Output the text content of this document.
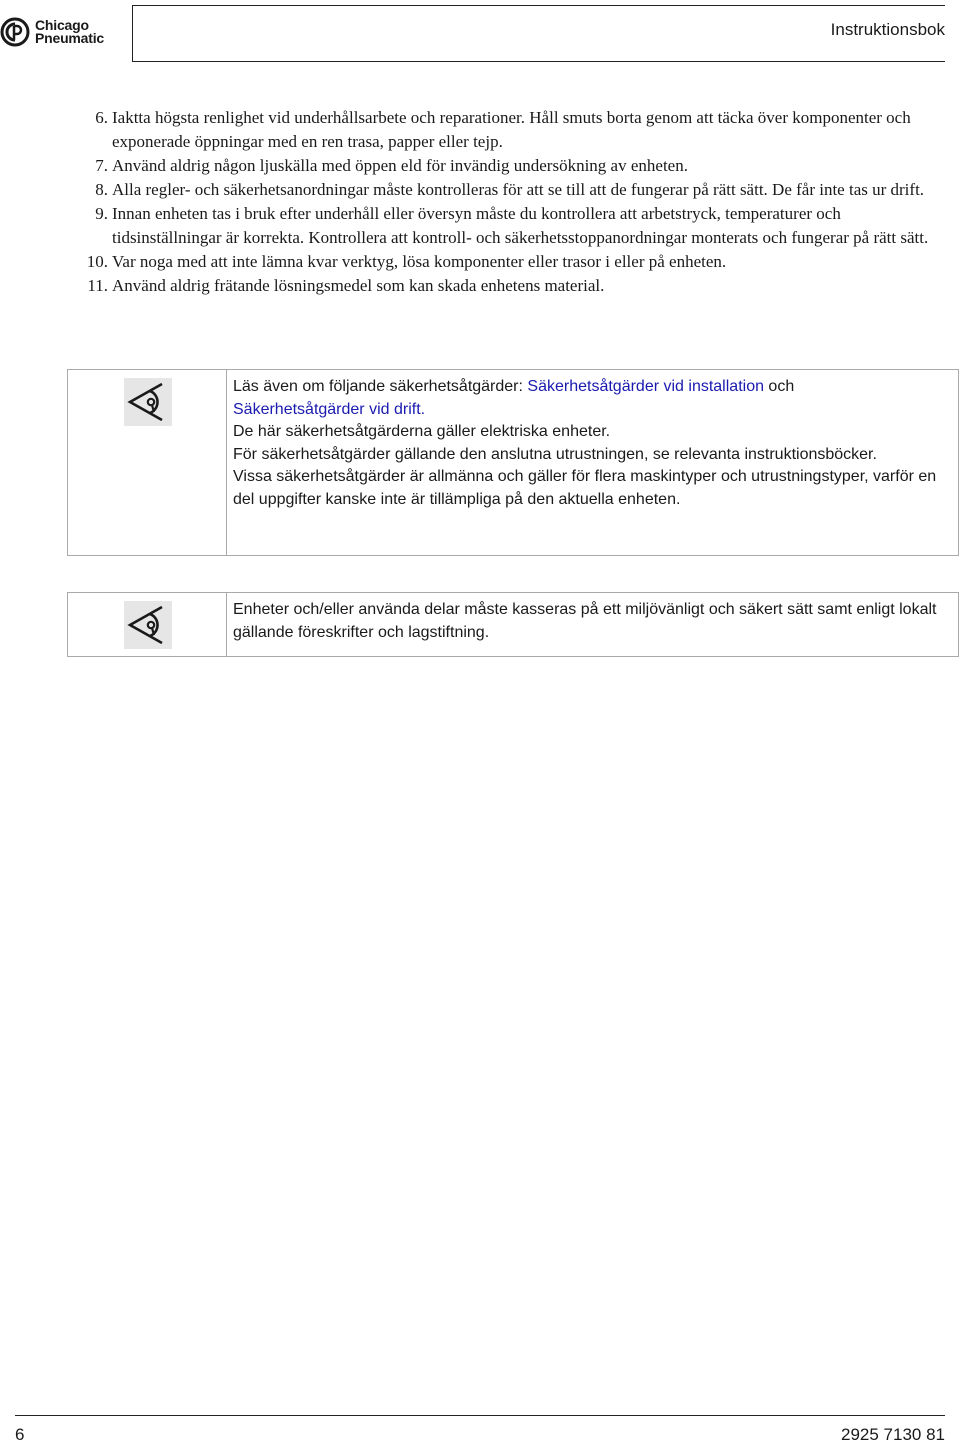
Chicago
Pneumatic	Instruktionsbok
6. Iaktta högsta renlighet vid underhållsarbete och reparationer. Håll smuts borta genom att täcka över komponenter och exponerade öppningar med en ren trasa, papper eller tejp.
7. Använd aldrig någon ljuskälla med öppen eld för invändig undersökning av enheten.
8. Alla regler- och säkerhetsanordningar måste kontrolleras för att se till att de fungerar på rätt sätt. De får inte tas ur drift.
9. Innan enheten tas i bruk efter underhåll eller översyn måste du kontrollera att arbetstryck, temperaturer och tidsinställningar är korrekta. Kontrollera att kontroll- och säkerhetsstoppanordningar monterats och fungerar på rätt sätt.
10. Var noga med att inte lämna kvar verktyg, lösa komponenter eller trasor i eller på enheten.
11. Använd aldrig frätande lösningsmedel som kan skada enhetens material.

Läs även om följande säkerhetsåtgärder: Säkerhetsåtgärder vid installation och
Säkerhetsåtgärder vid drift.

De här säkerhetsåtgärderna gäller elektriska enheter.

För säkerhetsåtgärder gällande den anslutna utrustningen, se relevanta instruktionsböcker.

Vissa säkerhetsåtgärder är allmänna och gäller för flera maskintyper och utrustningstyper, varför en del uppgifter kanske inte är tillämpliga på den aktuella enheten.

Enheter och/eller använda delar måste kasseras på ett miljövänligt och säkert sätt samt enligt lokalt gällande föreskrifter och lagstiftning.

6	2925 7130 81
